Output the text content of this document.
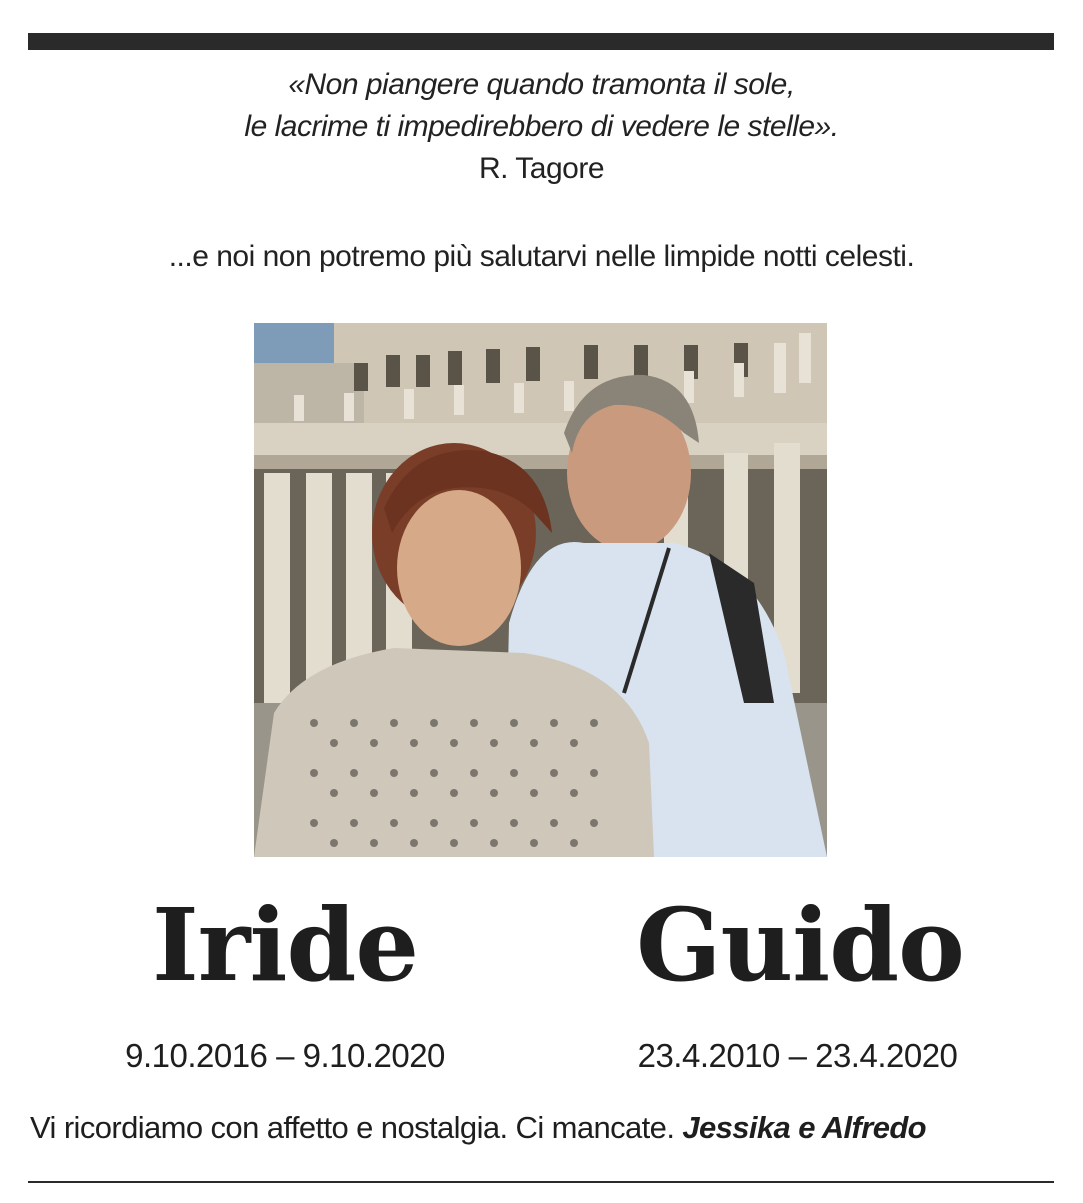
«Non piangere quando tramonta il sole,
le lacrime ti impedirebbero di vedere le stelle».
R. Tagore
...e noi non potremo più salutarvi nelle limpide notti celesti.
Iride Guido
9.10.2016 – 9.10.2020	23.4.2010 – 23.4.2020
Vi ricordiamo con affetto e nostalgia. Ci mancate. Jessika e Alfredo
